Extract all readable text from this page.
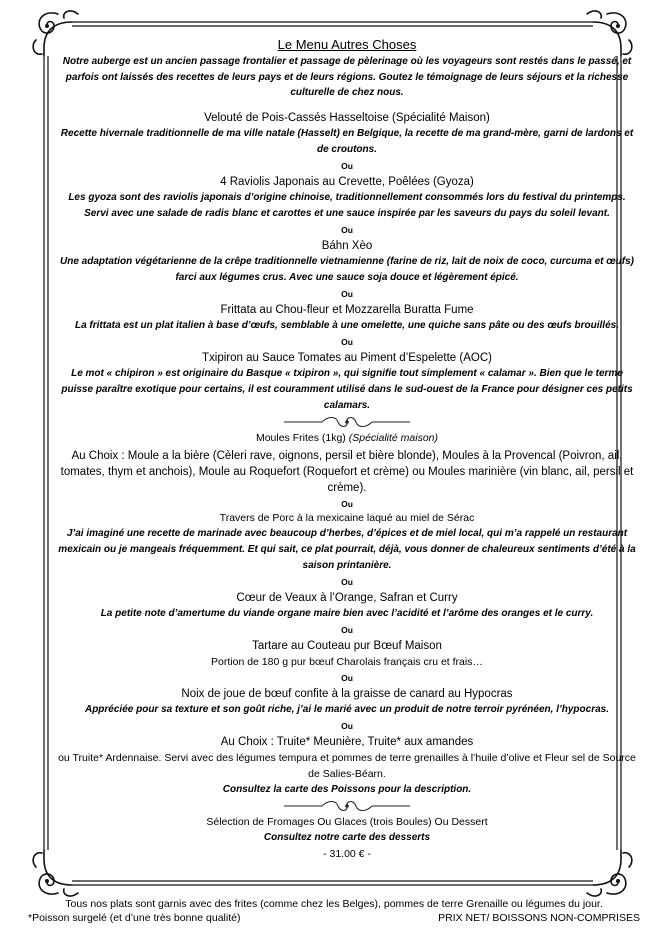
Le Menu Autres Choses
Notre auberge est un ancien passage frontalier et passage de pèlerinage où les voyageurs sont restés dans le passé, et parfois ont laissés des recettes de leurs pays et de leurs régions. Goutez le témoignage de leurs séjours et la richesse culturelle de chez nous.
Velouté de Pois-Cassés Hasseltoise (Spécialité Maison)
Recette hivernale traditionnelle de ma ville natale (Hasselt) en Belgique, la recette de ma grand-mère, garni de lardons et de croutons.
Ou
4 Raviolis Japonais au Crevette, Poêlées (Gyoza)
Les gyoza sont des raviolis japonais d’origine chinoise, traditionnellement consommés lors du festival du printemps. Servi avec une salade de radis blanc et carottes et une sauce inspirée par les saveurs du pays du soleil levant.
Ou
Báhn Xèo
Une adaptation végétarienne de la crêpe traditionnelle vietnamienne (farine de riz, lait de noix de coco, curcuma et œufs) farci aux légumes crus. Avec une sauce soja douce et légèrement épicé.
Ou
Frittata au Chou-fleur et Mozzarella Buratta Fume
La frittata est un plat italien à base d’œufs, semblable à une omelette, une quiche sans pâte ou des œufs brouillés.
Ou
Txipiron au Sauce Tomates au Piment d’Espelette (AOC)
Le mot « chipiron » est originaire du Basque « txipiron », qui signifie tout simplement « calamar ». Bien que le terme puisse paraître exotique pour certains, il est couramment utilisé dans le sud-ouest de la France pour désigner ces petits calamars.
Moules Frites (1kg) (Spécialité maison)
Au Choix : Moule a la bière (Cèleri rave, oignons, persil et bière blonde), Moules à la Provencal (Poivron, ail, tomates, thym et anchois), Moule au Roquefort (Roquefort et crème) ou Moules marinière (vin blanc, ail, persil et crème).
Ou
Travers de Porc à la mexicaine laqué au miel de Sérac
J’ai imaginé une recette de marinade avec beaucoup d’herbes, d’épices et de miel local, qui m’a rappelé un restaurant mexicain ou je mangeais fréquemment. Et qui sait, ce plat pourrait, déjà, vous donner de chaleureux sentiments d’été à la saison printanière.
Ou
Cœur de Veaux à l’Orange, Safran et Curry
La petite note d’amertume du viande organe maire bien avec l’acidité et l’arôme des oranges et le curry.
Ou
Tartare au Couteau pur Bœuf Maison
Portion de 180 g pur bœuf Charolais français cru et frais…
Ou
Noix de joue de bœuf confite à la graisse de canard au Hypocras
Appréciée pour sa texture et son goût riche, j’ai le marié avec un produit de notre terroir pyrénéen, l’hypocras.
Ou
Au Choix : Truite* Meunière, Truite* aux amandes
ou Truite* Ardennaise. Servi avec des légumes tempura et pommes de terre grenailles à l’huile d’olive et Fleur sel de Source de Salies-Béarn.
Consultez la carte des Poissons pour la description.
Sélection de Fromages Ou Glaces (trois Boules) Ou Dessert
Consultez notre carte des desserts
- 31.00 € -
Tous nos plats sont garnis avec des frites (comme chez les Belges), pommes de terre Grenaille ou légumes du jour.
*Poisson surgelé (et d’une très bonne qualité)	PRIX NET/ BOISSONS NON-COMPRISES
